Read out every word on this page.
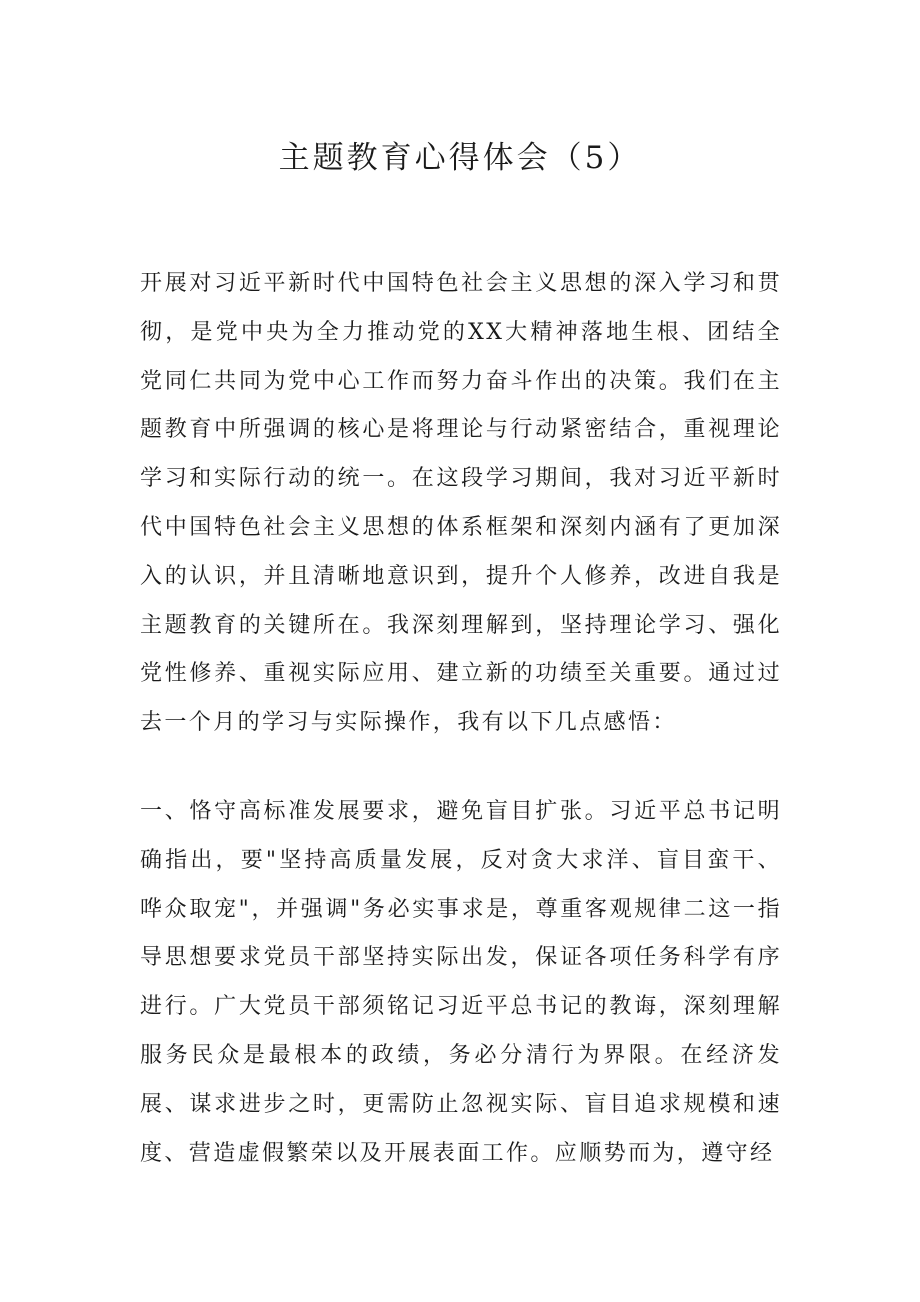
主题教育心得体会（5）

开展对习近平新时代中国特色社会主义思想的深入学习和贯彻，是党中央为全力推动党的XX大精神落地生根、团结全党同仁共同为党中心工作而努力奋斗作出的决策。我们在主题教育中所强调的核心是将理论与行动紧密结合，重视理论学习和实际行动的统一。在这段学习期间，我对习近平新时代中国特色社会主义思想的体系框架和深刻内涵有了更加深入的认识，并且清晰地意识到，提升个人修养，改进自我是主题教育的关键所在。我深刻理解到，坚持理论学习、强化党性修养、重视实际应用、建立新的功绩至关重要。通过过去一个月的学习与实际操作，我有以下几点感悟：

一、恪守高标准发展要求，避免盲目扩张。习近平总书记明确指出，要"坚持高质量发展，反对贪大求洋、盲目蛮干、哗众取宠"，并强调"务必实事求是，尊重客观规律二这一指导思想要求党员干部坚持实际出发，保证各项任务科学有序进行。广大党员干部须铭记习近平总书记的教诲，深刻理解服务民众是最根本的政绩，务必分清行为界限。在经济发展、谋求进步之时，更需防止忽视实际、盲目追求规模和速度、营造虚假繁荣以及开展表面工作。应顺势而为，遵守经
